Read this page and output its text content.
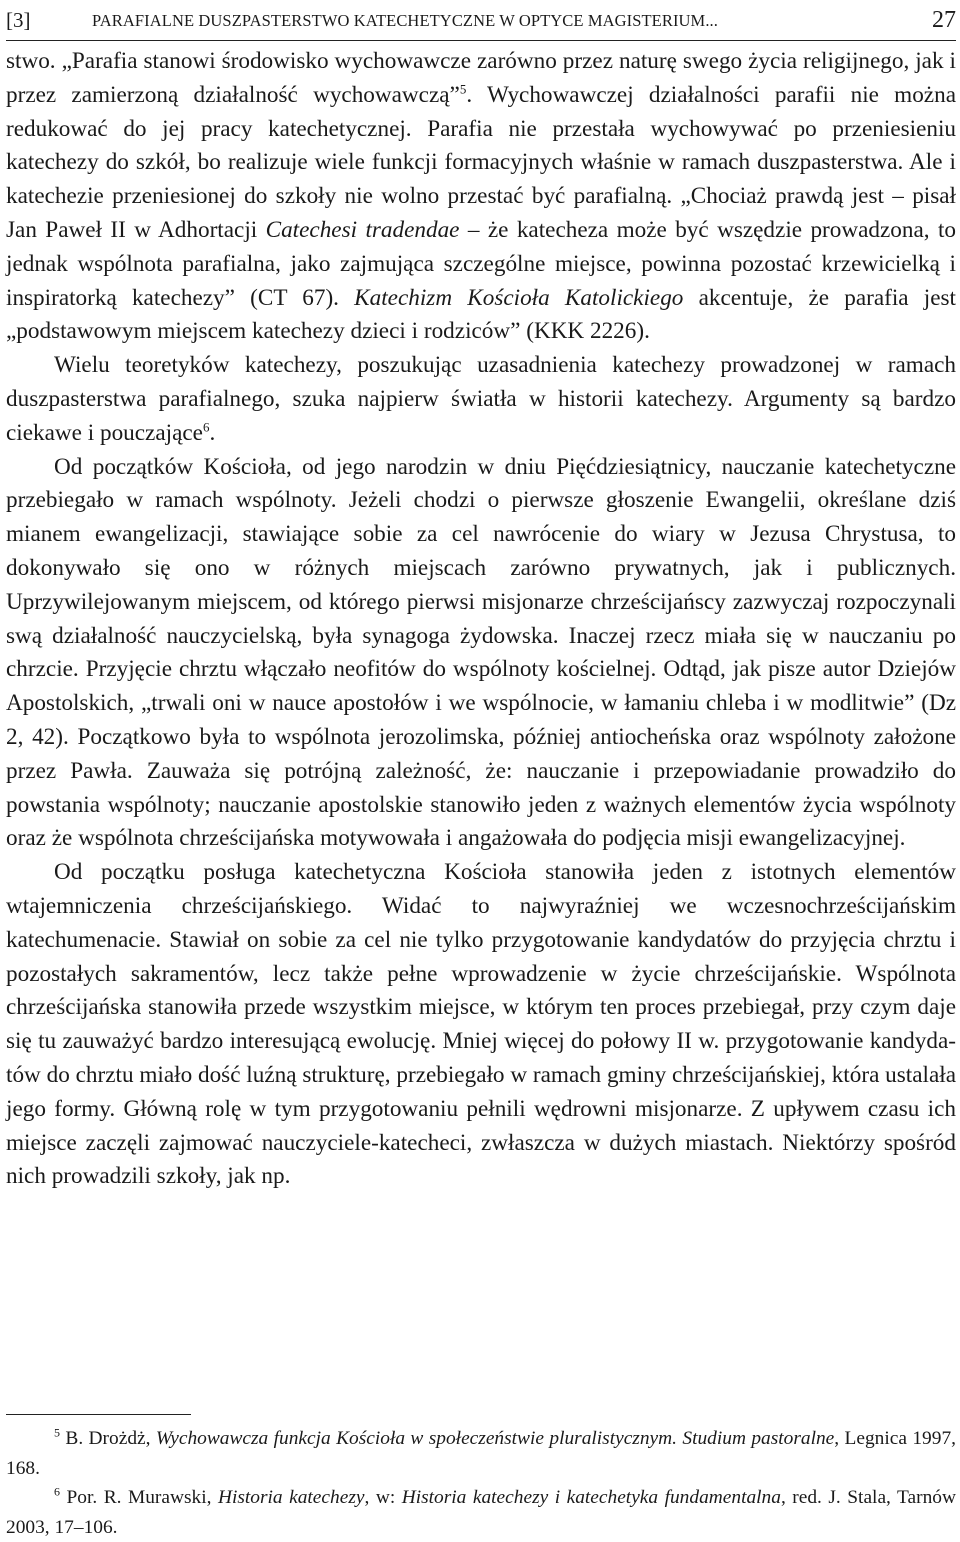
[3]	PARAFIALNE DUSZPASTERSTWO KATECHETYCZNE W OPTYCE MAGISTERIUM...	27

stwo. „Parafia stanowi środowisko wychowawcze zarówno przez naturę swego życia religijnego, jak i przez zamierzoną działalność wychowawczą”$^5$. Wychowawczej działalności parafii nie można redukować do jej pracy katechetycznej. Parafia nie przestała wychowywać po przeniesieniu katechezy do szkół, bo realizuje wiele funkcji formacyjnych właśnie w ramach duszpasterstwa. Ale i katechezie przeniesionej do szkoły nie wolno przestać być parafialną. „Chociaż prawdą jest – pisał Jan Paweł II w Adhortacji Catechesi tradendae – że katecheza może być wszędzie prowadzona, to jednak wspólnota parafialna, jako zajmująca szczególne miejsce, powinna pozostać krzewicielką i inspiratorką katechezy” (CT 67). Katechizm Kościoła Katolickiego akcentuje, że parafia jest „podstawowym miejscem katechezy dzieci i rodziców” (KKK 2226).

Wielu teoretyków katechezy, poszukując uzasadnienia katechezy prowadzonej w ramach duszpasterstwa parafialnego, szuka najpierw światła w historii katechezy. Argumenty są bardzo ciekawe i pouczające$^6$.

Od początków Kościoła, od jego narodzin w dniu Pięćdziesiątnicy, nauczanie katechetyczne przebiegało w ramach wspólnoty. Jeżeli chodzi o pierwsze głoszenie Ewangelii, określane dziś mianem ewangelizacji, stawiające sobie za cel nawrócenie do wiary w Jezusa Chrystusa, to dokonywało się ono w różnych miejscach zarówno prywatnych, jak i publicznych. Uprzywilejowanym miejscem, od którego pierwsi misjonarze chrześcijańscy zazwyczaj rozpoczynali swą działalność nauczycielską, była synagoga żydowska. Inaczej rzecz miała się w nauczaniu po chrzcie. Przyjęcie chrztu włączało neofitów do wspólnoty kościelnej. Odtąd, jak pisze autor Dziejów Apostolskich, „trwali oni w nauce apostołów i we wspólnocie, w łamaniu chleba i w modlitwie” (Dz 2, 42). Początkowo była to wspólnota jerozolimska, później antiocheńska oraz wspólnoty założone przez Pawła. Zauważa się potrójną zależność, że: nauczanie i przepowiadanie prowadziło do powstania wspólnoty; nauczanie apostolskie stanowiło jeden z ważnych elementów życia wspólnoty oraz że wspólnota chrześcijańska motywowała i angażowała do podjęcia misji ewangelizacyjnej.

Od początku posługa katechetyczna Kościoła stanowiła jeden z istotnych elementów wtajemniczenia chrześcijańskiego. Widać to najwyraźniej we wczesnochrześcijańskim katechumenacie. Stawiał on sobie za cel nie tylko przygotowanie kandydatów do przyjęcia chrztu i pozostałych sakramentów, lecz także pełne wprowadzenie w życie chrześcijańskie. Wspólnota chrześcijańska stanowiła przede wszystkim miejsce, w którym ten proces przebiegał, przy czym daje się tu zauważyć bardzo interesującą ewolucję. Mniej więcej do połowy II w. przygotowanie kandydatów do chrztu miało dość luźną strukturę, przebiegało w ramach gminy chrześcijańskiej, która ustalała jego formy. Główną rolę w tym przygotowaniu pełnili wędrowni misjonarze. Z upływem czasu ich miejsce zaczęli zajmować nauczyciele-katecheci, zwłaszcza w dużych miastach. Niektórzy spośród nich prowadzili szkoły, jak np.

$^5$ B. Drożdż, Wychowawcza funkcja Kościoła w społeczeństwie pluralistycznym. Studium pastoralne, Legnica 1997, 168.

$^6$ Por. R. Murawski, Historia katechezy, w: Historia katechezy i katechetyka fundamentalna, red. J. Stala, Tarnów 2003, 17–106.
